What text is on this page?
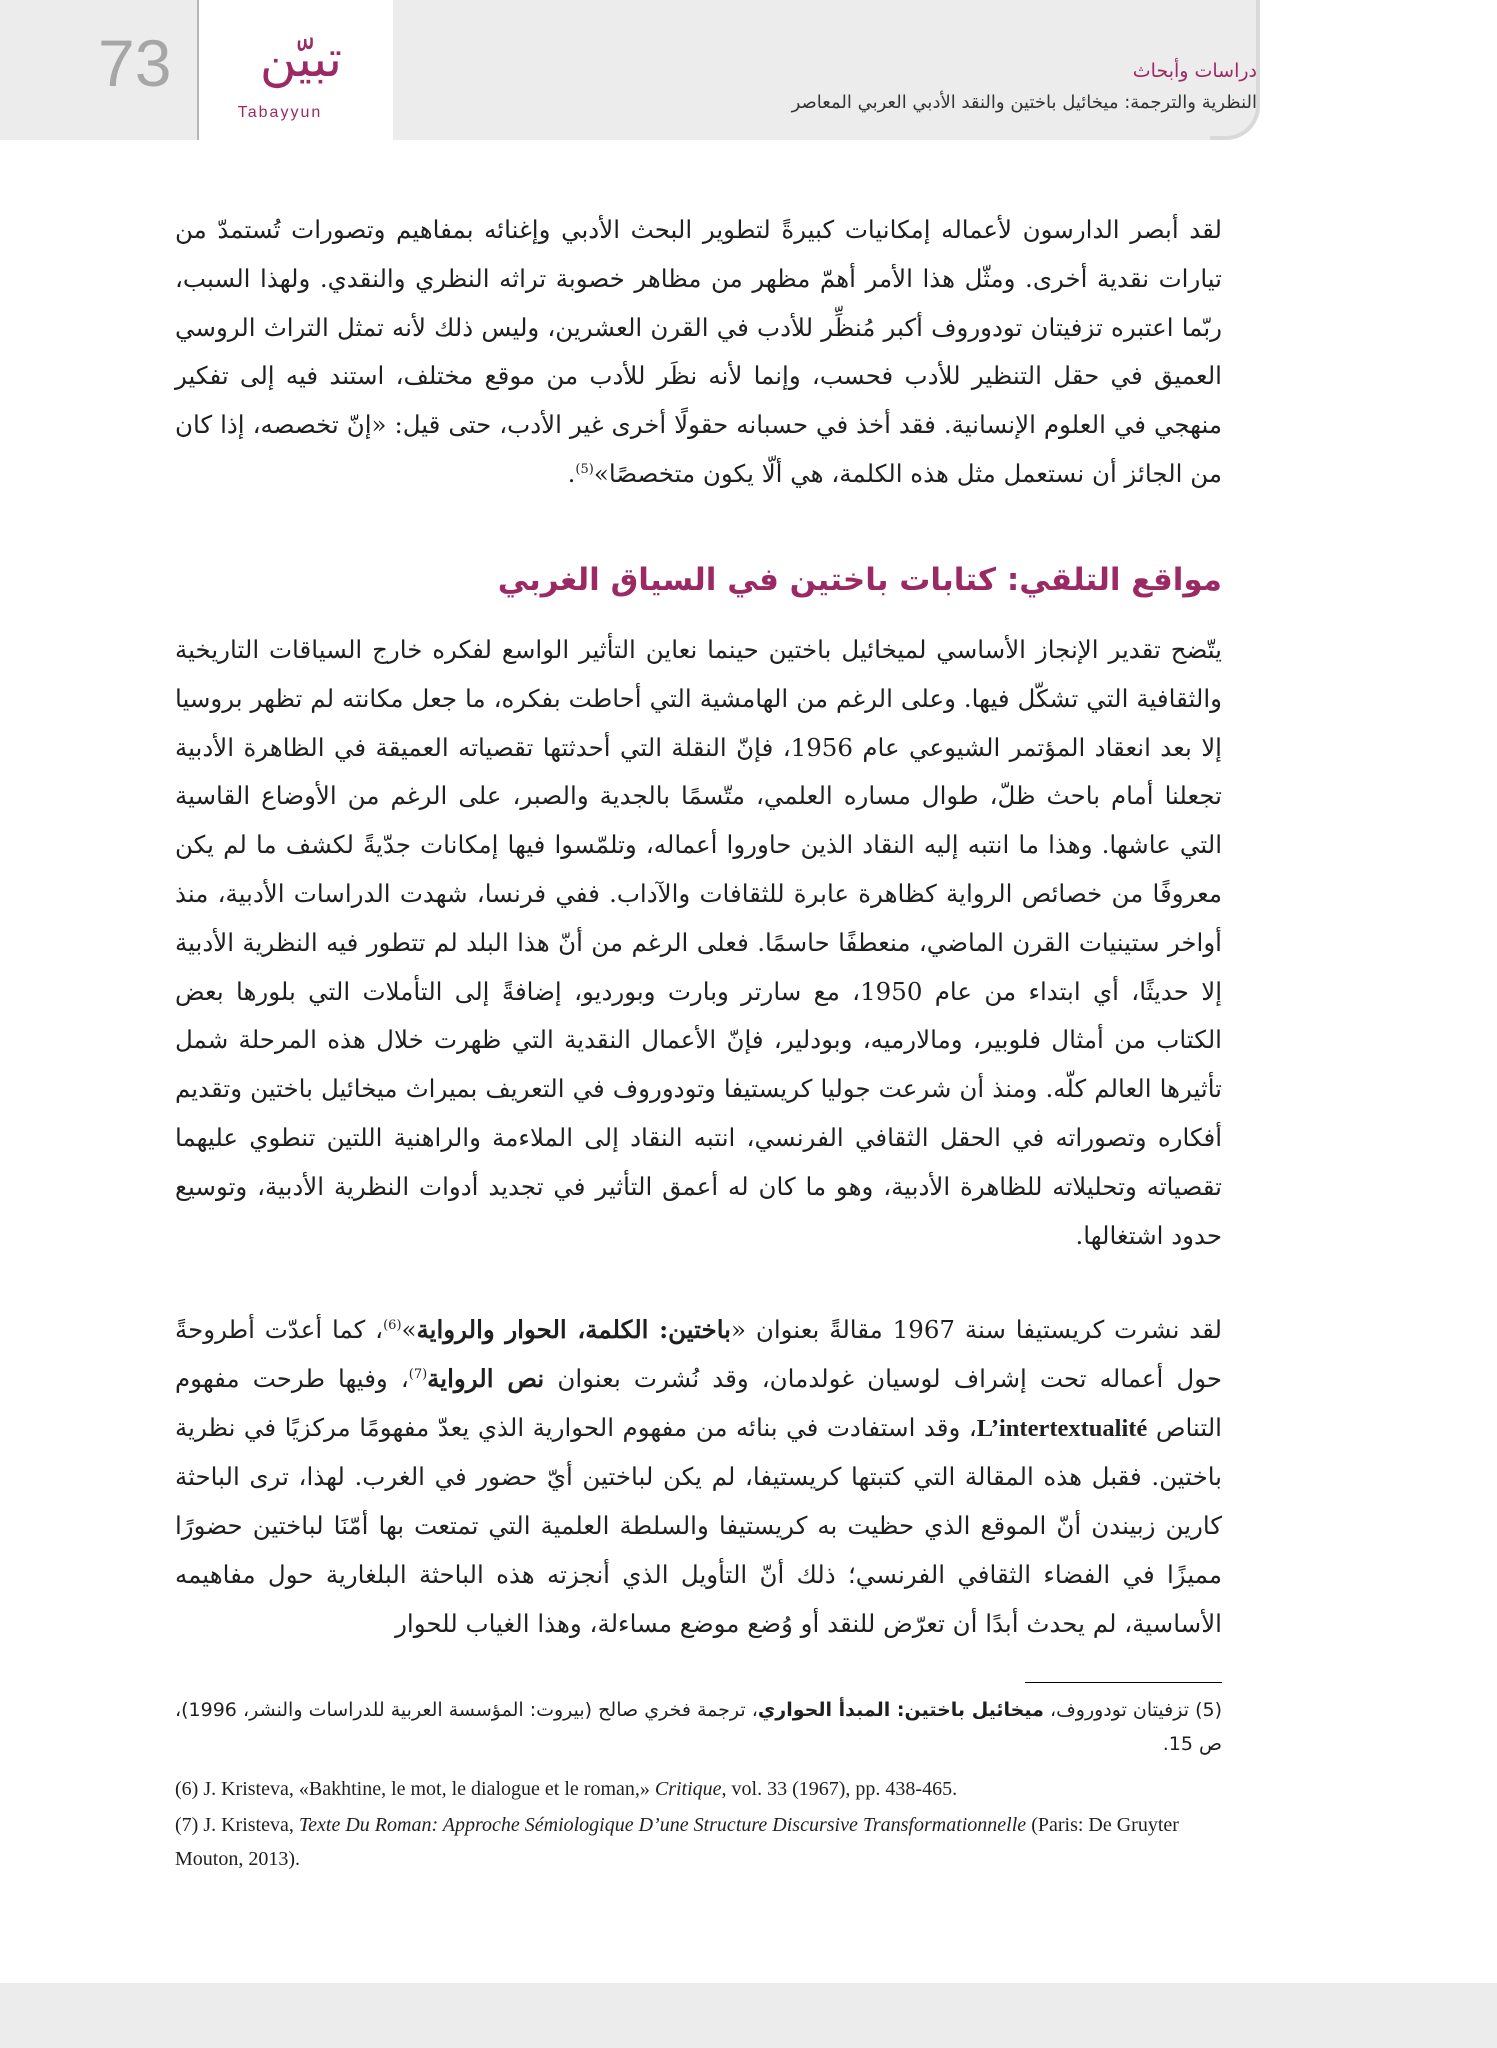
73	تبيّن
Tabayyun
دراسات وأبحاث
النظرية والترجمة: ميخائيل باختين والنقد الأدبي العربي المعاصر

لقد أبصر الدارسون لأعماله إمكانيات كبيرةً لتطوير البحث الأدبي وإغنائه بمفاهيم وتصورات تُستمدّ من تيارات نقدية أخرى. ومثّل هذا الأمر أهمّ مظهر من مظاهر خصوبة تراثه النظري والنقدي. ولهذا السبب، ربّما اعتبره تزفيتان تودوروف أكبر مُنظِّر للأدب في القرن العشرين، وليس ذلك لأنه تمثل التراث الروسي العميق في حقل التنظير للأدب فحسب، وإنما لأنه نظَر للأدب من موقع مختلف، استند فيه إلى تفكير منهجي في العلوم الإنسانية. فقد أخذ في حسبانه حقولًا أخرى غير الأدب، حتى قيل: «إنّ تخصصه، إذا كان من الجائز أن نستعمل مثل هذه الكلمة، هي ألّا يكون متخصصًا»$^{(5)}$.

مواقع التلقي: كتابات باختين في السياق الغربي

يتّضح تقدير الإنجاز الأساسي لميخائيل باختين حينما نعاين التأثير الواسع لفكره خارج السياقات التاريخية والثقافية التي تشكّل فيها. وعلى الرغم من الهامشية التي أحاطت بفكره، ما جعل مكانته لم تظهر بروسيا إلا بعد انعقاد المؤتمر الشيوعي عام 1956، فإنّ النقلة التي أحدثتها تقصياته العميقة في الظاهرة الأدبية تجعلنا أمام باحث ظلّ، طوال مساره العلمي، متّسمًا بالجدية والصبر، على الرغم من الأوضاع القاسية التي عاشها. وهذا ما انتبه إليه النقاد الذين حاوروا أعماله، وتلمّسوا فيها إمكانات جدّيةً لكشف ما لم يكن معروفًا من خصائص الرواية كظاهرة عابرة للثقافات والآداب. ففي فرنسا، شهدت الدراسات الأدبية، منذ أواخر ستينيات القرن الماضي، منعطفًا حاسمًا. فعلى الرغم من أنّ هذا البلد لم تتطور فيه النظرية الأدبية إلا حديثًا، أي ابتداء من عام 1950، مع سارتر وبارت وبورديو، إضافةً إلى التأملات التي بلورها بعض الكتاب من أمثال فلوبير، ومالارميه، وبودلير، فإنّ الأعمال النقدية التي ظهرت خلال هذه المرحلة شمل تأثيرها العالم كلّه. ومنذ أن شرعت جوليا كريستيفا وتودوروف في التعريف بميراث ميخائيل باختين وتقديم أفكاره وتصوراته في الحقل الثقافي الفرنسي، انتبه النقاد إلى الملاءمة والراهنية اللتين تنطوي عليهما تقصياته وتحليلاته للظاهرة الأدبية، وهو ما كان له أعمق التأثير في تجديد أدوات النظرية الأدبية، وتوسيع حدود اشتغالها.

لقد نشرت كريستيفا سنة 1967 مقالةً بعنوان «باختين: الكلمة، الحوار والرواية»$^{(6)}$، كما أعدّت أطروحةً حول أعماله تحت إشراف لوسيان غولدمان، وقد نُشرت بعنوان نص الرواية$^{(7)}$، وفيها طرحت مفهوم التناص L’intertextualité، وقد استفادت في بنائه من مفهوم الحوارية الذي يعدّ مفهومًا مركزيًا في نظرية باختين. فقبل هذه المقالة التي كتبتها كريستيفا، لم يكن لباختين أيّ حضور في الغرب. لهذا، ترى الباحثة كارين زبيندن أنّ الموقع الذي حظيت به كريستيفا والسلطة العلمية التي تمتعت بها أمّنَا لباختين حضورًا مميزًا في الفضاء الثقافي الفرنسي؛ ذلك أنّ التأويل الذي أنجزته هذه الباحثة البلغارية حول مفاهيمه الأساسية، لم يحدث أبدًا أن تعرّض للنقد أو وُضع موضع مساءلة، وهذا الغياب للحوار

(5) تزفيتان تودوروف، ميخائيل باختين: المبدأ الحواري، ترجمة فخري صالح (بيروت: المؤسسة العربية للدراسات والنشر، 1996)، ص 15.

(6) J. Kristeva, «Bakhtine, le mot, le dialogue et le roman,» Critique, vol. 33 (1967), pp. 438-465.

(7) J. Kristeva, Texte Du Roman: Approche Sémiologique D’une Structure Discursive Transformationnelle (Paris: De Gruyter Mouton, 2013).
